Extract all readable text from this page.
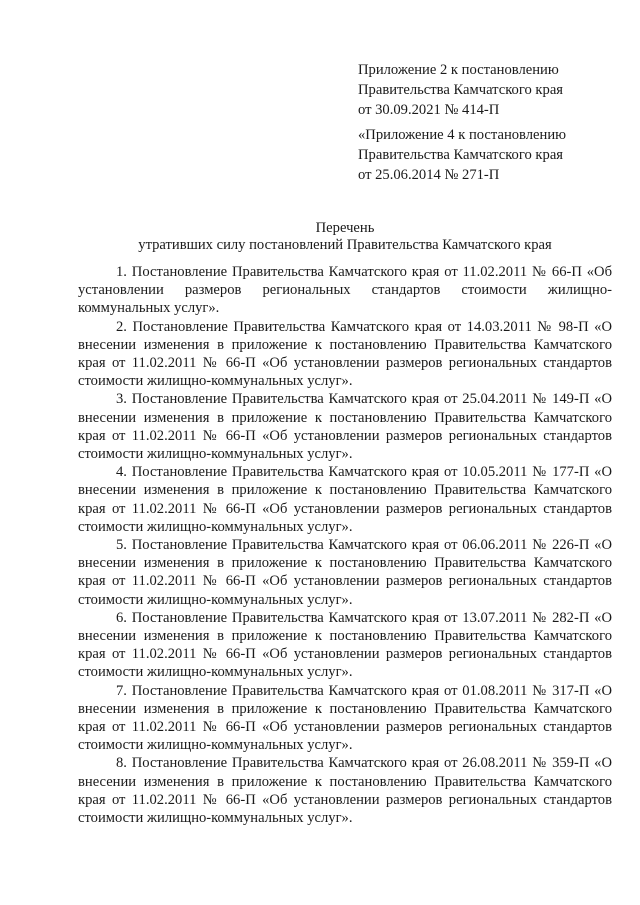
Приложение 2 к постановлению
Правительства Камчатского края
от 30.09.2021 № 414-П
«Приложение 4 к постановлению
Правительства Камчатского края
от 25.06.2014 № 271-П
Перечень
утративших силу постановлений Правительства Камчатского края

1. Постановление Правительства Камчатского края от 11.02.2011 № 66-П «Об установлении размеров региональных стандартов стоимости жилищно-коммунальных услуг».

2. Постановление Правительства Камчатского края от 14.03.2011 № 98-П «О внесении изменения в приложение к постановлению Правительства Камчатского края от 11.02.2011 № 66-П «Об установлении размеров региональных стандартов стоимости жилищно-коммунальных услуг».

3. Постановление Правительства Камчатского края от 25.04.2011 № 149-П «О внесении изменения в приложение к постановлению Правительства Камчатского края от 11.02.2011 № 66-П «Об установлении размеров региональных стандартов стоимости жилищно-коммунальных услуг».

4. Постановление Правительства Камчатского края от 10.05.2011 № 177-П «О внесении изменения в приложение к постановлению Правительства Камчатского края от 11.02.2011 № 66-П «Об установлении размеров региональных стандартов стоимости жилищно-коммунальных услуг».

5. Постановление Правительства Камчатского края от 06.06.2011 № 226-П «О внесении изменения в приложение к постановлению Правительства Камчатского края от 11.02.2011 № 66-П «Об установлении размеров региональных стандартов стоимости жилищно-коммунальных услуг».

6. Постановление Правительства Камчатского края от 13.07.2011 № 282-П «О внесении изменения в приложение к постановлению Правительства Камчатского края от 11.02.2011 № 66-П «Об установлении размеров региональных стандартов стоимости жилищно-коммунальных услуг».

7. Постановление Правительства Камчатского края от 01.08.2011 № 317-П «О внесении изменения в приложение к постановлению Правительства Камчатского края от 11.02.2011 № 66-П «Об установлении размеров региональных стандартов стоимости жилищно-коммунальных услуг».

8. Постановление Правительства Камчатского края от 26.08.2011 № 359-П «О внесении изменения в приложение к постановлению Правительства Камчатского края от 11.02.2011 № 66-П «Об установлении размеров региональных стандартов стоимости жилищно-коммунальных услуг».
